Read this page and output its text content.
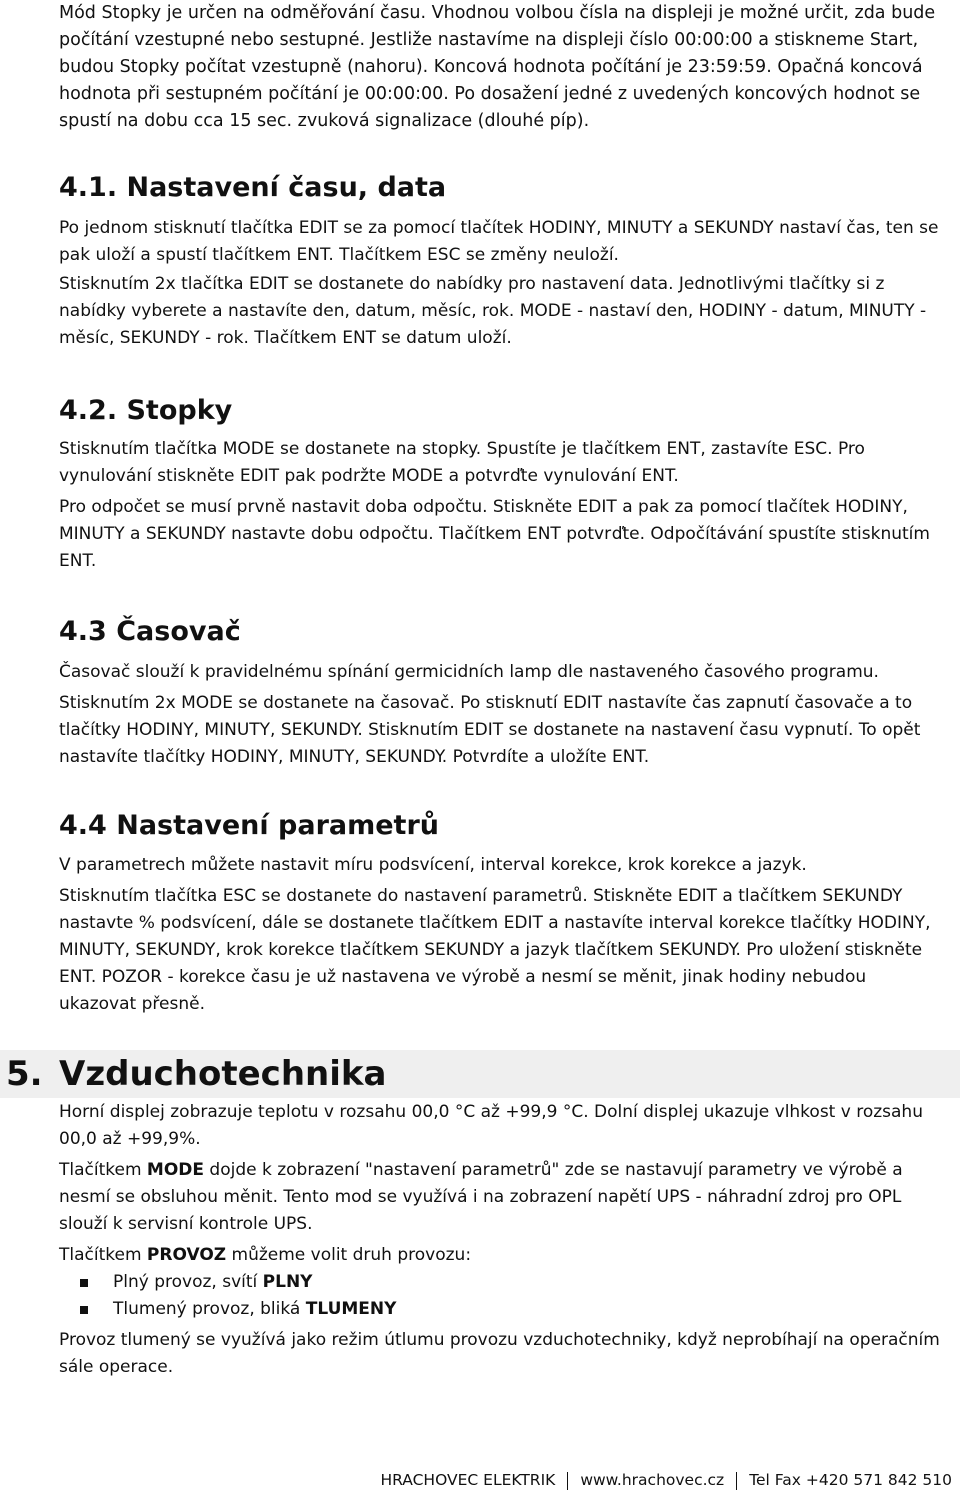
Mód Stopky je určen na odměřování času. Vhodnou volbou čísla na displeji je možné určit, zda bude počítání vzestupné nebo sestupné. Jestliže nastavíme na displeji číslo 00:00:00 a stiskneme Start, budou Stopky počítat vzestupně (nahoru). Koncová hodnota počítání je 23:59:59. Opačná koncová hodnota při sestupném počítání je 00:00:00. Po dosažení jedné z uvedených koncových hodnot se spustí na dobu cca 15 sec. zvuková signalizace (dlouhé píp).

4.1. Nastavení času, data

Po jednom stisknutí tlačítka EDIT se za pomocí tlačítek HODINY, MINUTY a SEKUNDY nastaví čas, ten se pak uloží a spustí tlačítkem ENT. Tlačítkem ESC se změny neuloží.

Stisknutím 2x tlačítka EDIT se dostanete do nabídky pro nastavení data. Jednotlivými tlačítky si z nabídky vyberete a nastavíte den, datum, měsíc, rok. MODE - nastaví den, HODINY - datum, MINUTY - měsíc, SEKUNDY - rok. Tlačítkem ENT se datum uloží.

4.2. Stopky

Stisknutím tlačítka MODE se dostanete na stopky. Spustíte je tlačítkem ENT, zastavíte ESC. Pro vynulování stiskněte EDIT pak podržte MODE a potvrďte vynulování ENT.

Pro odpočet se musí prvně nastavit doba odpočtu. Stiskněte EDIT a pak za pomocí tlačítek HODINY, MINUTY a SEKUNDY nastavte dobu odpočtu. Tlačítkem ENT potvrďte. Odpočítávání spustíte stisknutím ENT.

4.3 Časovač

Časovač slouží k pravidelnému spínání germicidních lamp dle nastaveného časového programu.

Stisknutím 2x MODE se dostanete na časovač. Po stisknutí EDIT nastavíte čas zapnutí časovače a to tlačítky HODINY, MINUTY, SEKUNDY. Stisknutím EDIT se dostanete na nastavení času vypnutí. To opět nastavíte tlačítky HODINY, MINUTY, SEKUNDY. Potvrdíte a uložíte ENT.

4.4 Nastavení parametrů

V parametrech můžete nastavit míru podsvícení, interval korekce, krok korekce a jazyk.

Stisknutím tlačítka ESC se dostanete do nastavení parametrů. Stiskněte EDIT a tlačítkem SEKUNDY nastavte % podsvícení, dále se dostanete tlačítkem EDIT a nastavíte interval korekce tlačítky HODINY, MINUTY, SEKUNDY, krok korekce tlačítkem SEKUNDY a jazyk tlačítkem SEKUNDY. Pro uložení stiskněte ENT. POZOR - korekce času je už nastavena ve výrobě a nesmí se měnit, jinak hodiny nebudou ukazovat přesně.

5. Vzduchotechnika

Horní displej zobrazuje teplotu v rozsahu 00,0 °C až +99,9 °C. Dolní displej ukazuje vlhkost v rozsahu 00,0 až +99,9%.

Tlačítkem MODE dojde k zobrazení "nastavení parametrů" zde se nastavují parametry ve výrobě a nesmí se obsluhou měnit. Tento mod se využívá i na zobrazení napětí UPS - náhradní zdroj pro OPL slouží k servisní kontrole UPS.

Tlačítkem PROVOZ můžeme volit druh provozu:

Plný provoz, svítí PLNY
Tlumený provoz, bliká TLUMENY

Provoz tlumený se využívá jako režim útlumu provozu vzduchotechniky, když neprobíhají na operačním sále operace.

HRACHOVEC ELEKTRIK www.hrachovec.cz Tel Fax +420 571 842 510
